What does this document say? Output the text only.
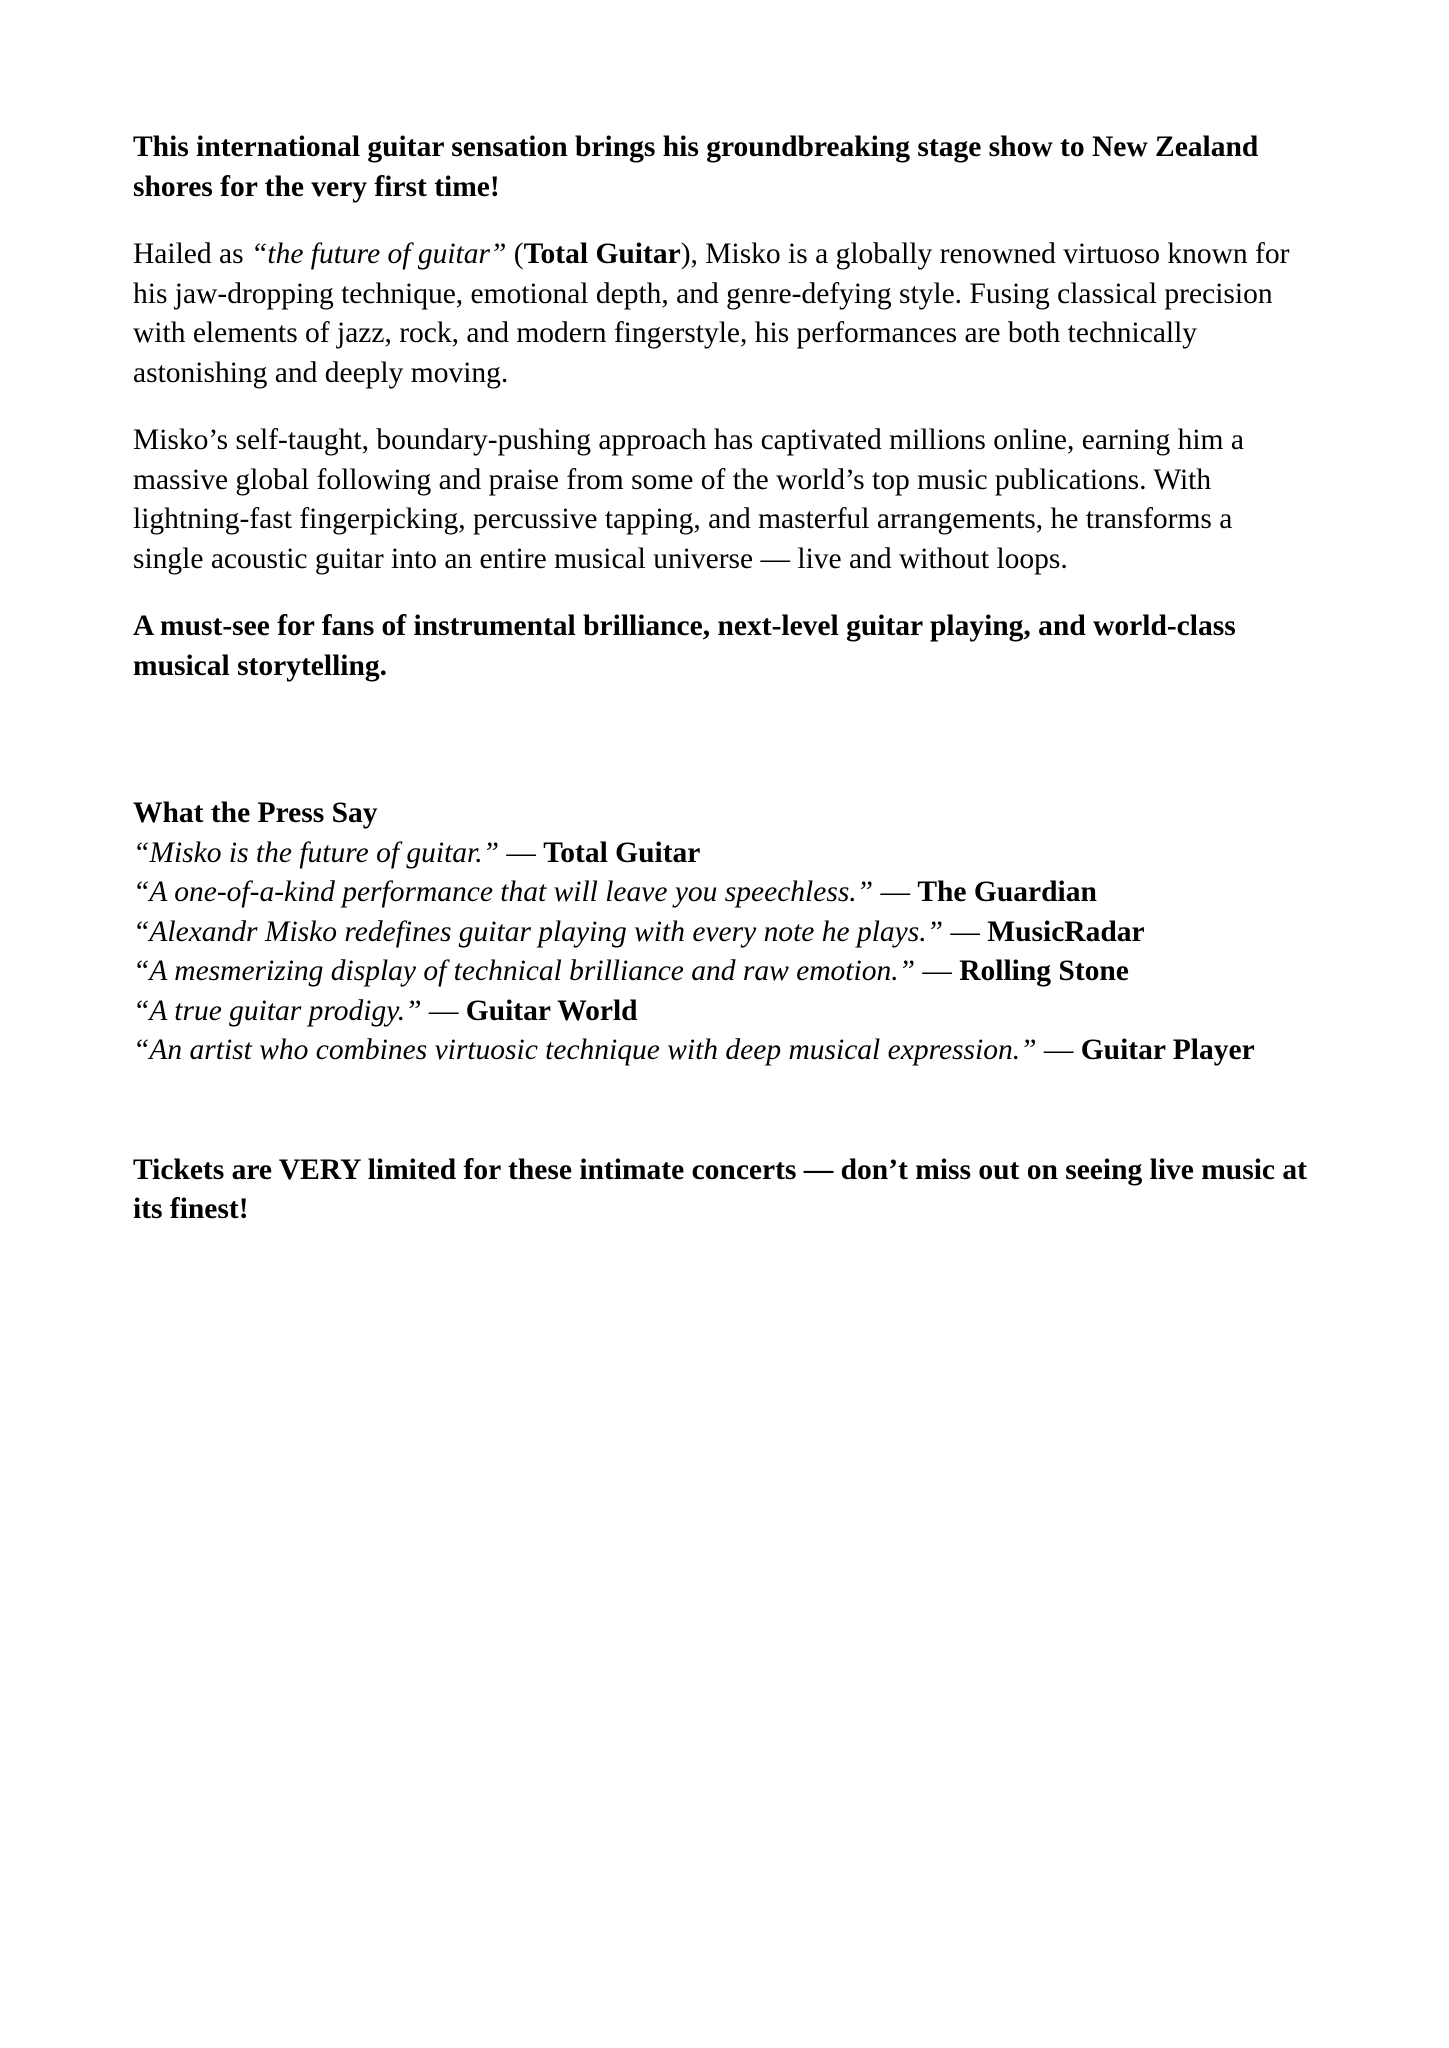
This international guitar sensation brings his groundbreaking stage show to New Zealand shores for the very first time!

Hailed as “the future of guitar” (Total Guitar), Misko is a globally renowned virtuoso known for his jaw-dropping technique, emotional depth, and genre-defying style. Fusing classical precision with elements of jazz, rock, and modern fingerstyle, his performances are both technically astonishing and deeply moving.

Misko’s self-taught, boundary-pushing approach has captivated millions online, earning him a massive global following and praise from some of the world’s top music publications. With lightning-fast fingerpicking, percussive tapping, and masterful arrangements, he transforms a single acoustic guitar into an entire musical universe — live and without loops.

A must-see for fans of instrumental brilliance, next-level guitar playing, and world-class musical storytelling.

What the Press Say
“Misko is the future of guitar.” — Total Guitar
“A one-of-a-kind performance that will leave you speechless.” — The Guardian
“Alexandr Misko redefines guitar playing with every note he plays.” — MusicRadar
“A mesmerizing display of technical brilliance and raw emotion.” — Rolling Stone
“A true guitar prodigy.” — Guitar World
“An artist who combines virtuosic technique with deep musical expression.” — Guitar Player

Tickets are VERY limited for these intimate concerts — don’t miss out on seeing live music at its finest!
